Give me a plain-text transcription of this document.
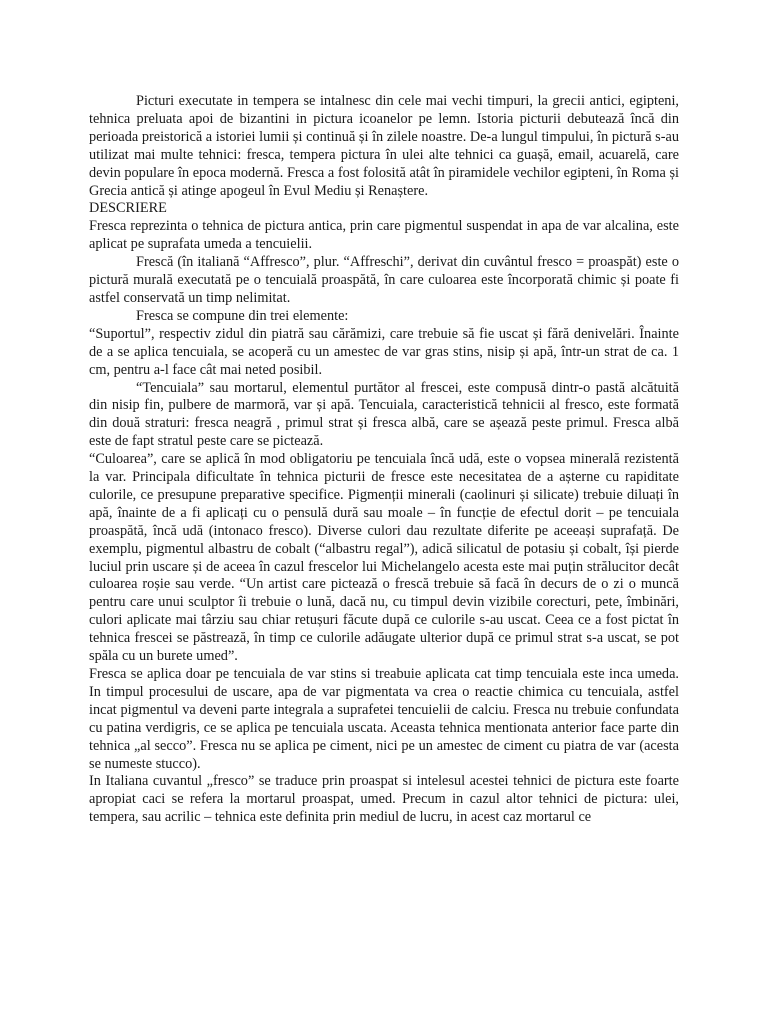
Picturi executate in tempera se intalnesc din cele mai vechi timpuri, la grecii antici, egipteni, tehnica preluata apoi de bizantini in pictura icoanelor pe lemn. Istoria picturii debutează încă din perioada preistorică a istoriei lumii și continuă și în zilele noastre. De-a lungul timpului, în pictură s-au utilizat mai multe tehnici: fresca, tempera pictura în ulei alte tehnici ca guașă, email, acuarelă, care devin populare în epoca modernă. Fresca a fost folosită atât în piramidele vechilor egipteni, în Roma și Grecia antică și atinge apogeul în Evul Mediu și Renaștere.

DESCRIERE

Fresca reprezinta o tehnica de pictura antica, prin care pigmentul suspendat in apa de var alcalina, este aplicat pe suprafata umeda a tencuielii.

Frescă (în italiană “Affresco”, plur. “Affreschi”, derivat din cuvântul fresco = proaspăt) este o pictură murală executată pe o tencuială proaspătă, în care culoarea este încorporată chimic și poate fi astfel conservată un timp nelimitat.

Fresca se compune din trei elemente:

“Suportul”, respectiv zidul din piatră sau cărămizi, care trebuie să fie uscat și fără denivelări. Înainte de a se aplica tencuiala, se acoperă cu un amestec de var gras stins, nisip și apă, într-un strat de ca. 1 cm, pentru a-l face cât mai neted posibil.

“Tencuiala” sau mortarul, elementul purtător al frescei, este compusă dintr-o pastă alcătuită din nisip fin, pulbere de marmoră, var și apă. Tencuiala, caracteristică tehnicii al fresco, este formată din două straturi: fresca neagră , primul strat și fresca albă, care se așează peste primul. Fresca albă este de fapt stratul peste care se pictează.

“Culoarea”, care se aplică în mod obligatoriu pe tencuiala încă udă, este o vopsea minerală rezistentă la var. Principala dificultate în tehnica picturii de fresce este necesitatea de a așterne cu rapiditate culorile, ce presupune preparative specifice. Pigmenții minerali (caolinuri și silicate) trebuie diluați în apă, înainte de a fi aplicați cu o pensulă dură sau moale – în funcție de efectul dorit – pe tencuiala proaspătă, încă udă (intonaco fresco). Diverse culori dau rezultate diferite pe aceeași suprafață. De exemplu, pigmentul albastru de cobalt (“albastru regal”), adică silicatul de potasiu și cobalt, își pierde luciul prin uscare și de aceea în cazul frescelor lui Michelangelo acesta este mai puțin strălucitor decât culoarea roșie sau verde. “Un artist care pictează o frescă trebuie să facă în decurs de o zi o muncă pentru care unui sculptor îi trebuie o lună, dacă nu, cu timpul devin vizibile corecturi, pete, îmbinări, culori aplicate mai târziu sau chiar retușuri făcute după ce culorile s-au uscat. Ceea ce a fost pictat în tehnica frescei se păstrează, în timp ce culorile adăugate ulterior după ce primul strat s-a uscat, se pot spăla cu un burete umed”.

Fresca se aplica doar pe tencuiala de var stins si treabuie aplicata cat timp tencuiala este inca umeda. In timpul procesului de uscare, apa de var pigmentata va crea o reactie chimica cu tencuiala, astfel incat pigmentul va deveni parte integrala a suprafetei tencuielii de calciu. Fresca nu trebuie confundata cu patina verdigris, ce se aplica pe tencuiala uscata. Aceasta tehnica mentionata anterior face parte din tehnica „al secco”. Fresca nu se aplica pe ciment, nici pe un amestec de ciment cu piatra de var (acesta se numeste stucco).

In Italiana cuvantul „fresco” se traduce prin proaspat si intelesul acestei tehnici de pictura este foarte apropiat caci se refera la mortarul proaspat, umed. Precum in cazul altor tehnici de pictura: ulei, tempera, sau acrilic – tehnica este definita prin mediul de lucru, in acest caz mortarul ce
